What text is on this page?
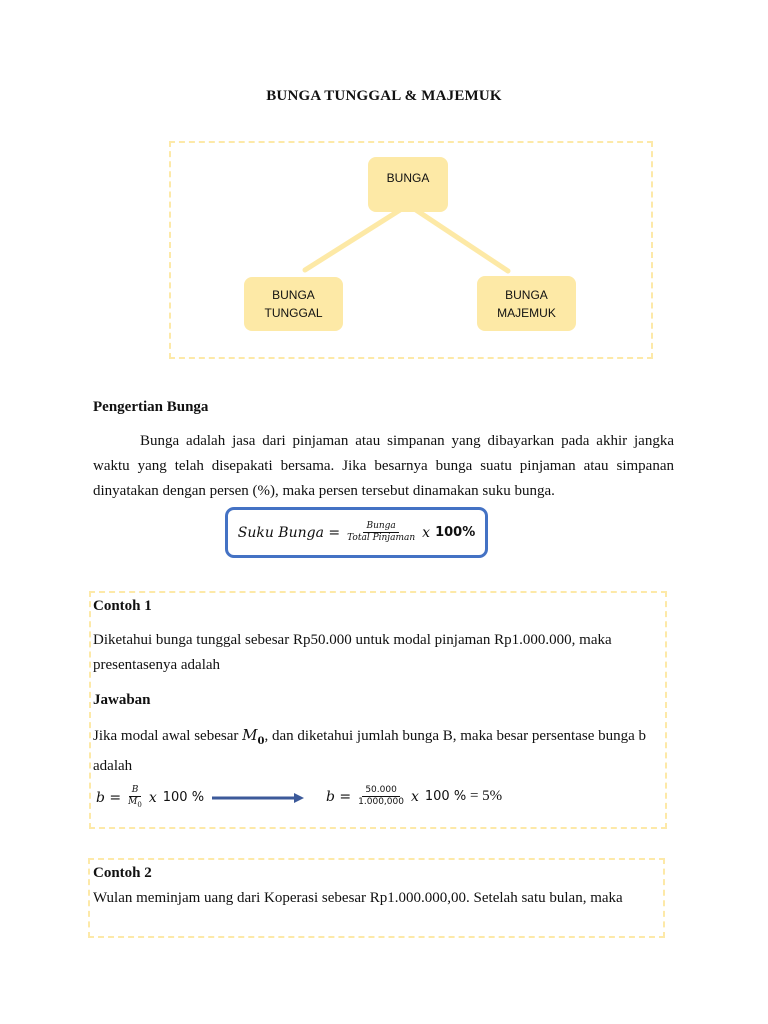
BUNGA TUNGGAL & MAJEMUK
BUNGA
BUNGA
TUNGGAL
BUNGA
MAJEMUK
Pengertian Bunga
Bunga adalah jasa dari pinjaman atau simpanan yang dibayarkan pada akhir jangka waktu yang telah disepakati bersama. Jika besarnya bunga suatu pinjaman atau simpanan dinyatakan dengan persen (%), maka persen tersebut dinamakan suku bunga.
Suku Bunga = $\frac{\text{Bunga}}{\text{Total Pinjaman}}$ x 100%
Contoh 1
Diketahui bunga tunggal sebesar Rp50.000 untuk modal pinjaman Rp1.000.000, maka presentasenya adalah
Jawaban
Jika modal awal sebesar $M_0$, dan diketahui jumlah bunga B, maka besar persentase bunga b adalah
$b = \frac{B}{M_0}$ x 100 %	$b = \frac{50.000}{1.000,000}$ x 100 % = 5%
Contoh 2
Wulan meminjam uang dari Koperasi sebesar Rp1.000.000,00. Setelah satu bulan, maka
